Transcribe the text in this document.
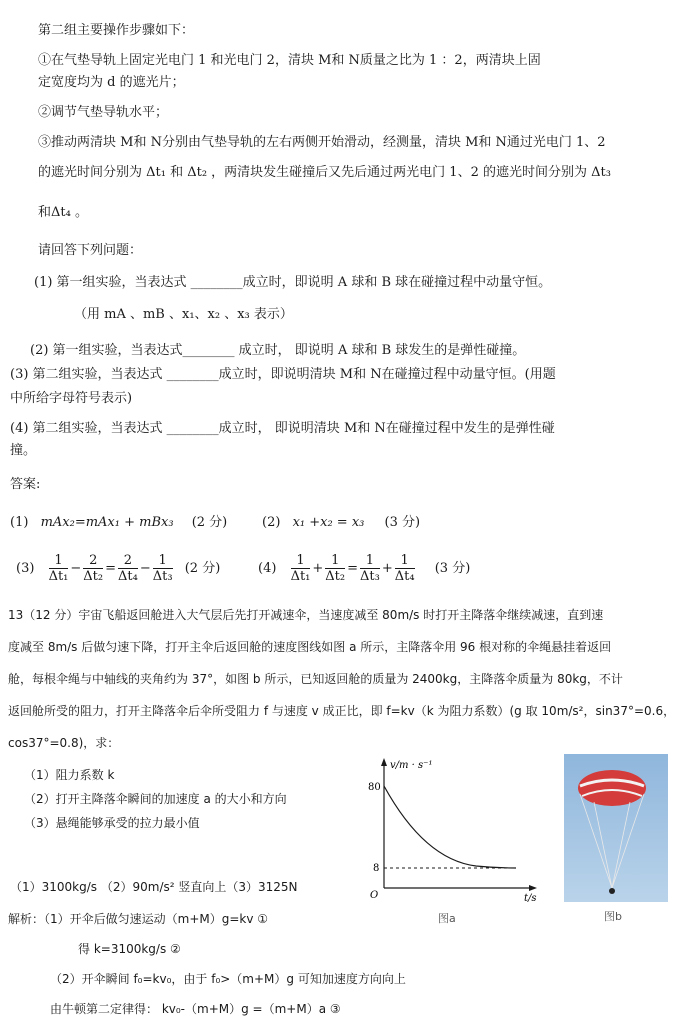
第二组主要操作步骤如下：
①在气垫导轨上固定光电门 1 和光电门 2，清块 M和 N质量之比为 1 ：2，两清块上固
定宽度均为 d 的遮光片；
②调节气垫导轨水平；
③推动两清块 M和 N分别由气垫导轨的左右两侧开始滑动，经测量，清块 M和 N通过光电门 1、2
的遮光时间分别为 Δt₁ 和 Δt₂ ，两清块发生碰撞后又先后通过两光电门 1、2 的遮光时间分别为 Δt₃
和Δt₄ 。
请回答下列问题：
(1) 第一组实验，当表达式 ________成立时，即说明 A 球和 B 球在碰撞过程中动量守恒。
（用 mA 、mB 、x₁、x₂ 、x₃ 表示）
(2) 第一组实验，当表达式________ 成立时， 即说明 A 球和 B 球发生的是弹性碰撞。
(3) 第二组实验，当表达式 ________成立时，即说明清块 M和 N在碰撞过程中动量守恒。(用题
中所给字母符号表示)
(4) 第二组实验，当表达式 ________成立时， 即说明清块 M和 N在碰撞过程中发生的是弹性碰
撞。
答案:
(1) mAx₂=mAx₁ + mBx₃ (2 分)	(2) x₁ +x₂ = x₃ (3 分)
$(3) \frac{1}{\text{Δt₁}} - \frac{2}{\text{Δt₂}} = \frac{2}{\text{Δt₄}} - \frac{1}{\text{Δt₃}} (2$ 分)	$(4) \frac{1}{\text{Δt₁}} + \frac{1}{\text{Δt₂}} = \frac{1}{\text{Δt₃}} + \frac{1}{\text{Δt₄}} (3$ 分)
13（12 分）宇宙飞船返回舱进入大气层后先打开减速伞，当速度减至 80m/s 时打开主降落伞继续减速，直到速
度减至 8m/s 后做匀速下降，打开主伞后返回舱的速度图线如图 a 所示，主降落伞用 96 根对称的伞绳悬挂着返回
舱，每根伞绳与中轴线的夹角约为 37°，如图 b 所示，已知返回舱的质量为 2400kg，主降落伞质量为 80kg，不计
返回舱所受的阻力，打开主降落伞后伞所受阻力 f 与速度 v 成正比，即 f=kv（k 为阻力系数）(g 取 10m/s²，sin37°=0.6，
cos37°=0.8)，求：
（1）阻力系数 k
（2）打开主降落伞瞬间的加速度 a 的大小和方向
（3）悬绳能够承受的拉力最小值
（1）3100kg/s （2）90m/s² 竖直向上（3）3125N
解析：（1）开伞后做匀速运动（m+M）g=kv ①
得 k=3100kg/s ②
（2）开伞瞬间 f₀=kv₀，由于 f₀>（m+M）g 可知加速度方向向上
由牛顿第二定律得： kv₀-（m+M）g =（m+M）a ③
v/m · s⁻¹
80
8
O	t/s
图a	图b
